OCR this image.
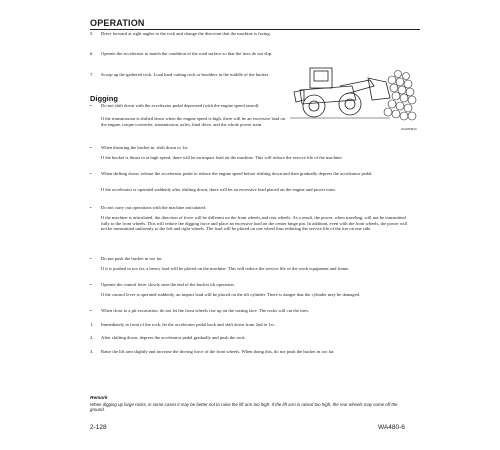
OPERATION
5.	Drive forward at right angles to the rock and change the direction that the machine is facing.
6.	Operate the accelerator to match the condition of the road surface so that the tires do not slip.
7.	Scoop up the gathered rock. Load hard cutting rock or boulders in the middle of the bucket.
WA480M3A
Digging
•	Do not shift down with the accelerator pedal depressed (with the engine speed raised).
If the transmission is shifted down when the engine speed is high, there will be an excessive load on the engine, torque converter, transmission, axles, final drive, and the whole power train.
•	When thrusting the bucket in, shift down to 1st.
If the bucket is thrust in at high speed, there will be an impact load on the machine. This will reduce the service life of the machine.
•	When shifting down, release the accelerator pedal to reduce the engine speed before shifting down and then gradually depress the accelerator pedal.
If the accelerator is operated suddenly after shifting down, there will be an excessive load placed on the engine and power train.
•	Do not carry out operations with the machine articulated.
If the machine is articulated, the direction of force will be different on the front wheels and rear wheels. As a result, the power, when traveling, will not be transmitted fully to the front wheels. This will reduce the digging force and place an excessive load on the center hinge pin. In addition, even with the front wheels, the power will not be transmitted uniformly to the left and right wheels. The load will be placed on one wheel thus reducing the service life of the tire on one side.
•	Do not push the bucket in too far.
If it is pushed in too far, a heavy load will be placed on the machine. This will reduce the service life of the work equipment and frame.
•	Operate the control lever slowly near the end of the bucket tilt operation.
If the control lever is operated suddenly, an impact load will be placed on the tilt cylinder. There is danger that the cylinder may be damaged.
•	When close to a pit excavation, do not let the front wheels rise up on the cutting face. The rocks will cut the tires.
1.	Immediately in front of the rock, let the accelerator pedal back and shift down from 2nd to 1st.
2.	After shifting down, depress the accelerator pedal gradually and push the rock.
3.	Raise the lift arm slightly and increase the driving force of the front wheels. When doing this, do not push the bucket in too far.
Remark
When digging up large rocks, in some cases it may be better not to raise the lift arm too high. If the lift arm is raised too high, the rear wheels may come off the ground.
2-128	WA480-6
